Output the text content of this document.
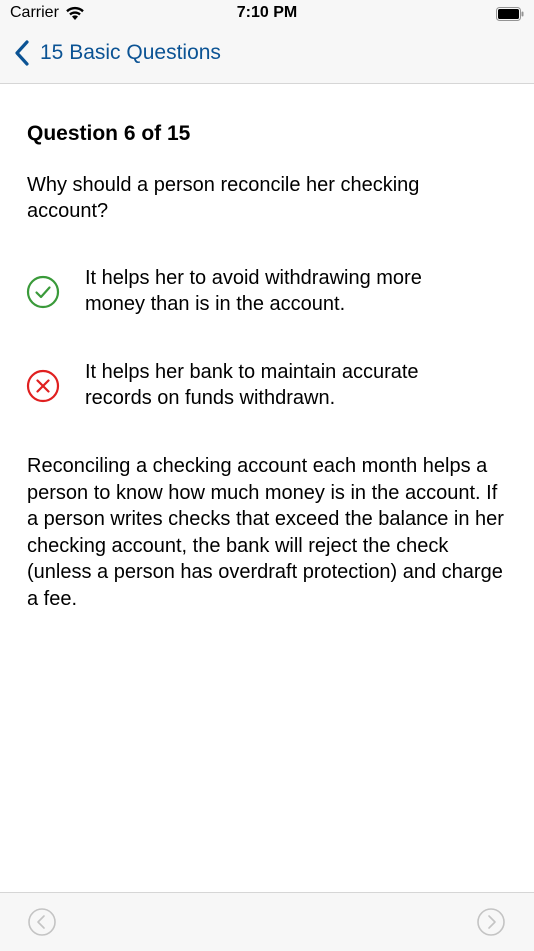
Carrier	7:10 PM
15 Basic Questions
Question 6 of 15
Why should a person reconcile her checking account?
It helps her to avoid withdrawing more money than is in the account.
It helps her bank to maintain accurate records on funds withdrawn.
Reconciling a checking account each month helps a person to know how much money is in the account. If a person writes checks that exceed the balance in her checking account, the bank will reject the check (unless a person has overdraft protection) and charge a fee.
